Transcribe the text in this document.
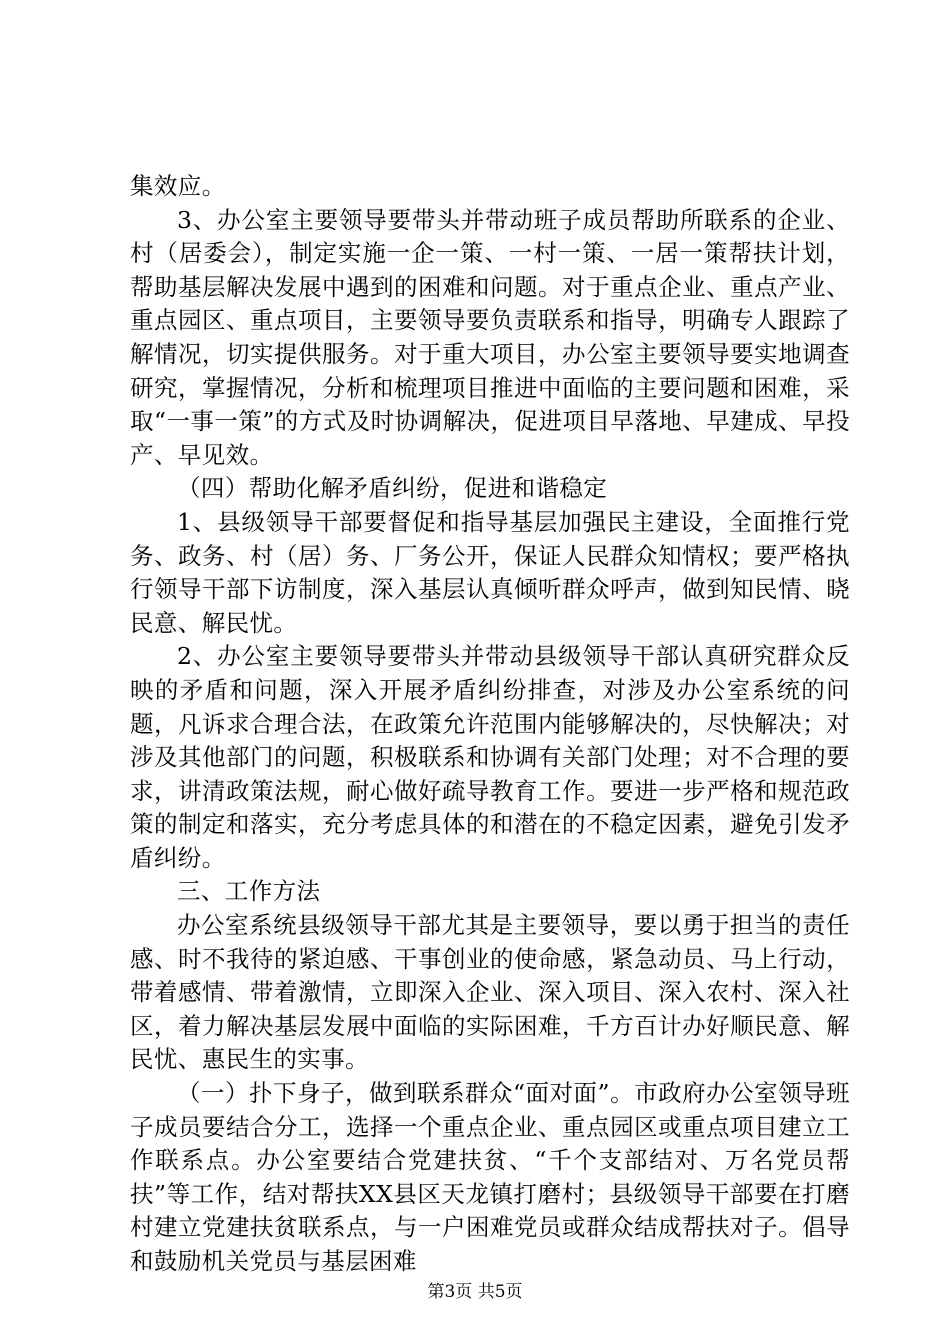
集效应。

3、办公室主要领导要带头并带动班子成员帮助所联系的企业、村（居委会），制定实施一企一策、一村一策、一居一策帮扶计划，帮助基层解决发展中遇到的困难和问题。对于重点企业、重点产业、重点园区、重点项目，主要领导要负责联系和指导，明确专人跟踪了解情况，切实提供服务。对于重大项目，办公室主要领导要实地调查研究，掌握情况，分析和梳理项目推进中面临的主要问题和困难，采取“一事一策”的方式及时协调解决，促进项目早落地、早建成、早投产、早见效。

（四）帮助化解矛盾纠纷，促进和谐稳定

1、县级领导干部要督促和指导基层加强民主建设，全面推行党务、政务、村（居）务、厂务公开，保证人民群众知情权；要严格执行领导干部下访制度，深入基层认真倾听群众呼声，做到知民情、晓民意、解民忧。

2、办公室主要领导要带头并带动县级领导干部认真研究群众反映的矛盾和问题，深入开展矛盾纠纷排查，对涉及办公室系统的问题，凡诉求合理合法，在政策允许范围内能够解决的，尽快解决；对涉及其他部门的问题，积极联系和协调有关部门处理；对不合理的要求，讲清政策法规，耐心做好疏导教育工作。要进一步严格和规范政策的制定和落实，充分考虑具体的和潜在的不稳定因素，避免引发矛盾纠纷。

三、工作方法

办公室系统县级领导干部尤其是主要领导，要以勇于担当的责任感、时不我待的紧迫感、干事创业的使命感，紧急动员、马上行动，带着感情、带着激情，立即深入企业、深入项目、深入农村、深入社区，着力解决基层发展中面临的实际困难，千方百计办好顺民意、解民忧、惠民生的实事。

（一）扑下身子，做到联系群众“面对面”。市政府办公室领导班子成员要结合分工，选择一个重点企业、重点园区或重点项目建立工作联系点。办公室要结合党建扶贫、“千个支部结对、万名党员帮扶”等工作，结对帮扶XX县区天龙镇打磨村；县级领导干部要在打磨村建立党建扶贫联系点，与一户困难党员或群众结成帮扶对子。倡导和鼓励机关党员与基层困难

第3页 共5页
